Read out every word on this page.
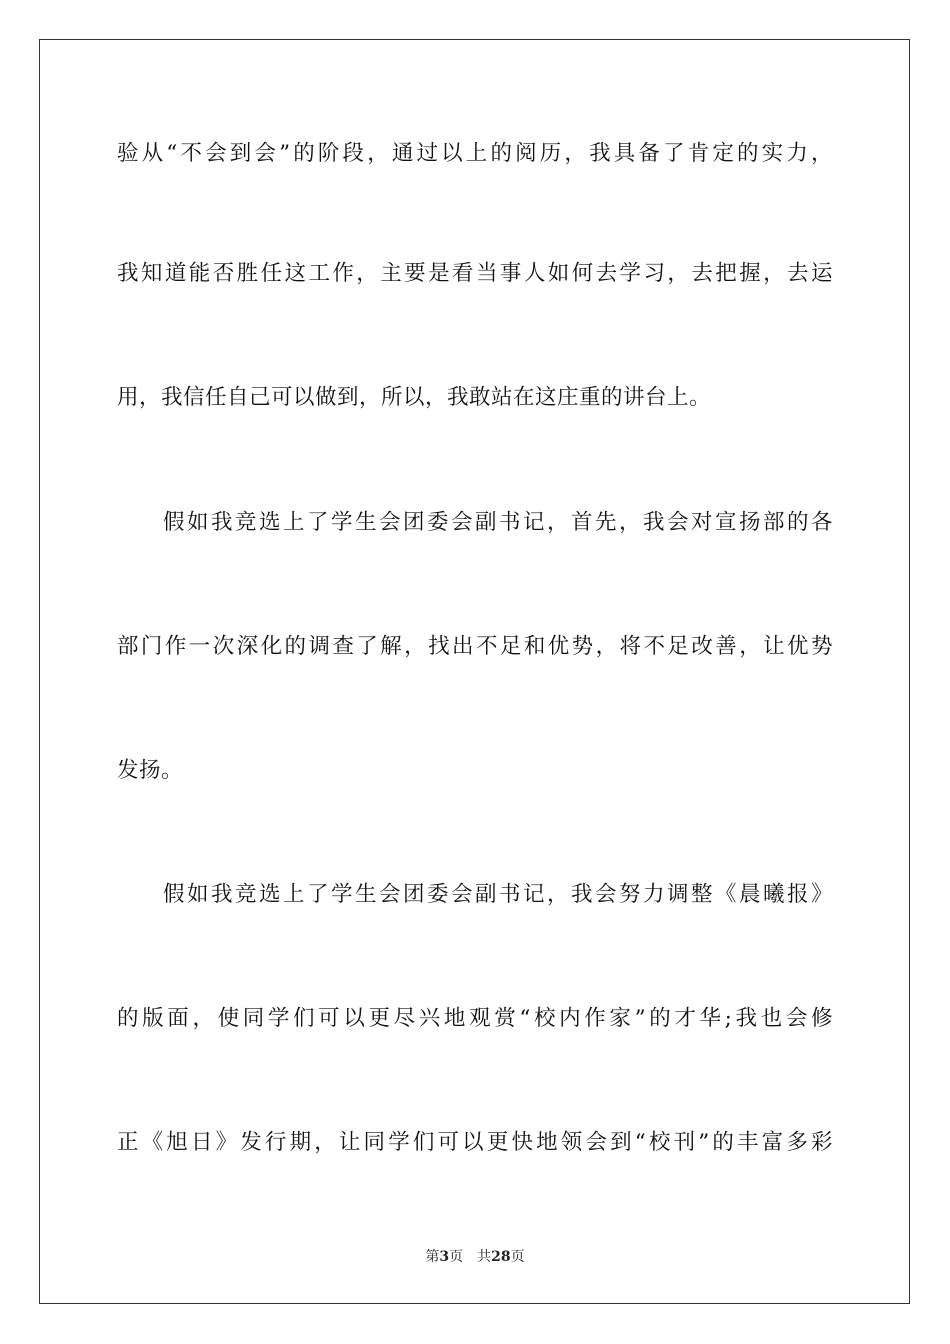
验从“不会到会”的阶段，通过以上的阅历，我具备了肯定的实力，
我知道能否胜任这工作，主要是看当事人如何去学习，去把握，去运
用，我信任自己可以做到，所以，我敢站在这庄重的讲台上。
假如我竞选上了学生会团委会副书记，首先，我会对宣扬部的各
部门作一次深化的调查了解，找出不足和优势，将不足改善，让优势
发扬。
假如我竞选上了学生会团委会副书记，我会努力调整《晨曦报》
的版面，使同学们可以更尽兴地观赏“校内作家”的才华;我也会修
正《旭日》发行期，让同学们可以更快地领会到“校刊”的丰富多彩
第3页 共28页
